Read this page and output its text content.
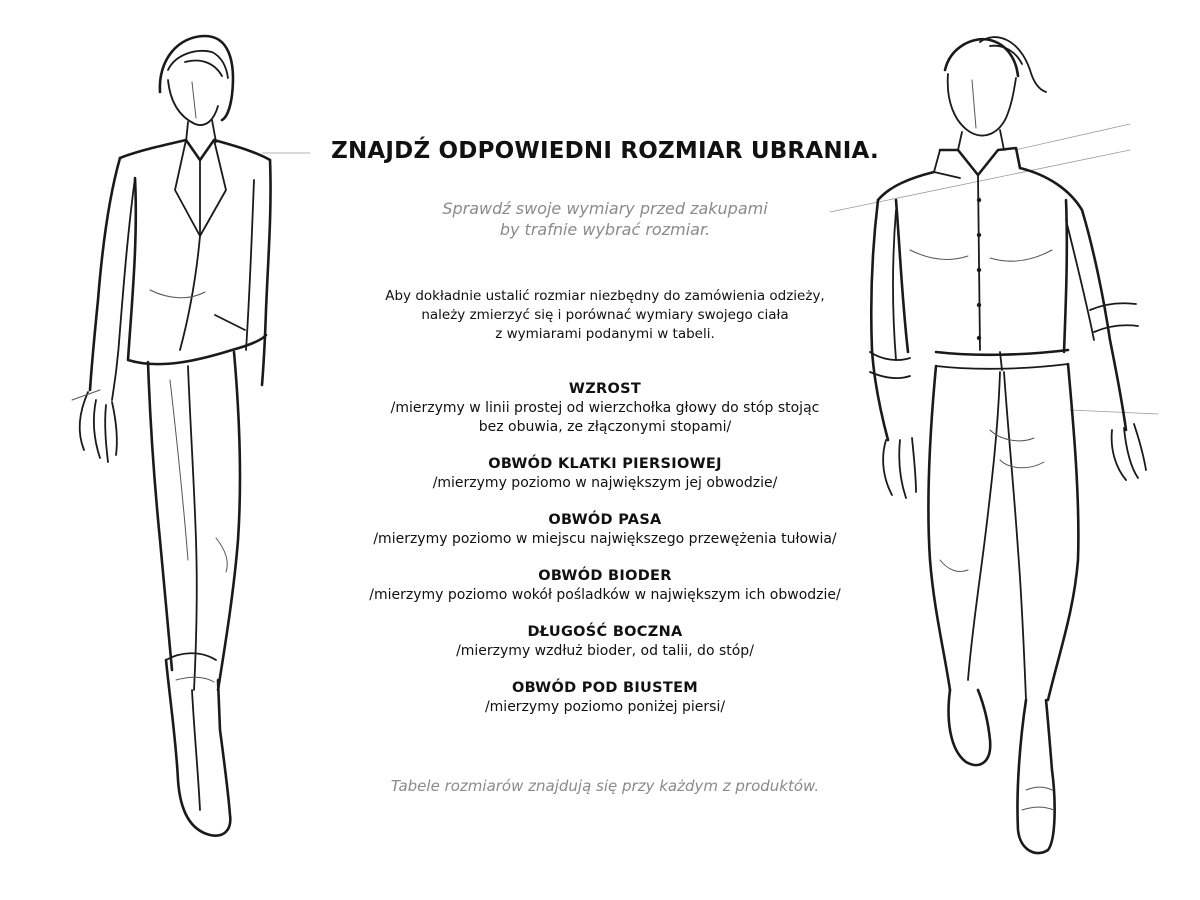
ZNAJDŹ ODPOWIEDNI ROZMIAR UBRANIA.

Sprawdź swoje wymiary przed zakupami
by trafnie wybrać rozmiar.

Aby dokładnie ustalić rozmiar niezbędny do zamówienia odzieży,
należy zmierzyć się i porównać wymiary swojego ciała
z wymiarami podanymi w tabeli.

WZROST
/mierzymy w linii prostej od wierzchołka głowy do stóp stojąc
bez obuwia, ze złączonymi stopami/
OBWÓD KLATKI PIERSIOWEJ
/mierzymy poziomo w największym jej obwodzie/
OBWÓD PASA
/mierzymy poziomo w miejscu największego przewężenia tułowia/
OBWÓD BIODER
/mierzymy poziomo wokół pośladków w największym ich obwodzie/
DŁUGOŚĆ BOCZNA
/mierzymy wzdłuż bioder, od talii, do stóp/
OBWÓD POD BIUSTEM
/mierzymy poziomo poniżej piersi/

Tabele rozmiarów znajdują się przy każdym z produktów.
